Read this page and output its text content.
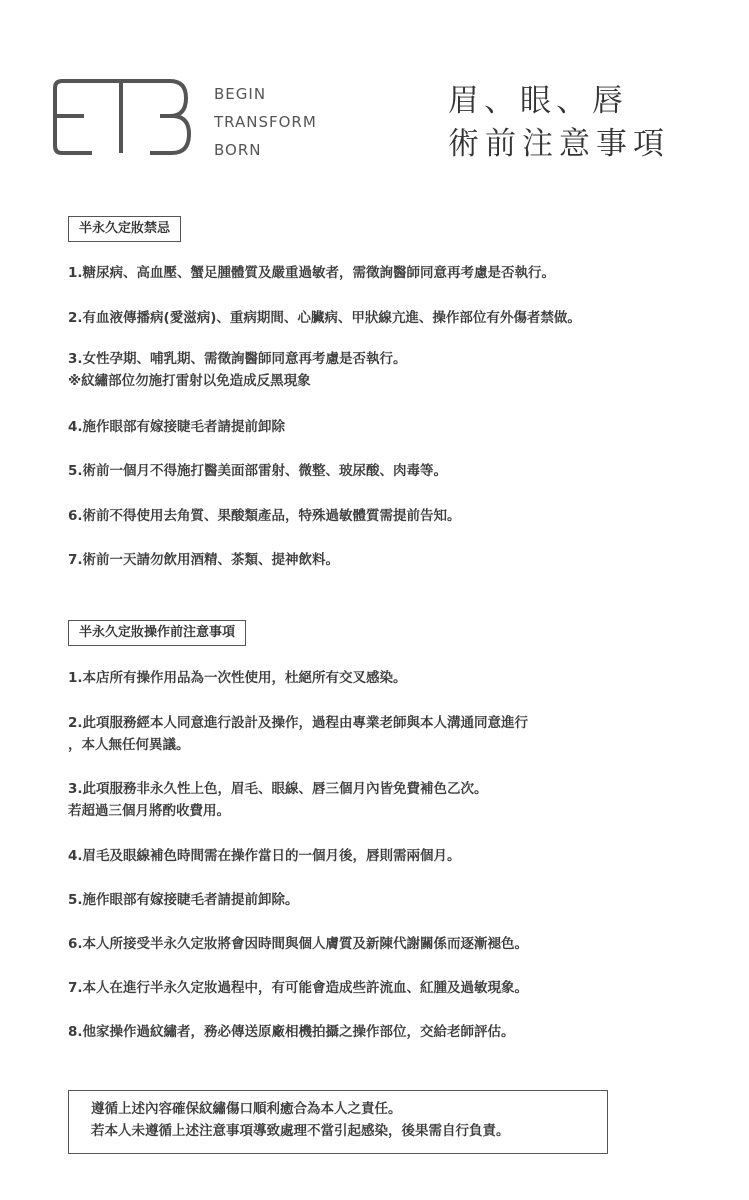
BEGIN
TRANSFORM
BORN
眉、眼、唇
術前注意事項
半永久定妝禁忌
1.糖尿病、高血壓、蟹足腫體質及嚴重過敏者，需徵詢醫師同意再考慮是否執行。
2.有血液傳播病(愛滋病)、重病期間、心臟病、甲狀線亢進、操作部位有外傷者禁做。
3.女性孕期、哺乳期、需徵詢醫師同意再考慮是否執行。
※紋繡部位勿施打雷射以免造成反黑現象
4.施作眼部有嫁接睫毛者請提前卸除
5.術前一個月不得施打醫美面部雷射、微整、玻尿酸、肉毒等。
6.術前不得使用去角質、果酸類產品，特殊過敏體質需提前告知。
7.術前一天請勿飲用酒精、茶類、提神飲料。
半永久定妝操作前注意事項
1.本店所有操作用品為一次性使用，杜絕所有交叉感染。
2.此項服務經本人同意進行設計及操作，過程由專業老師與本人溝通同意進行
，本人無任何異議。
3.此項服務非永久性上色，眉毛、眼線、唇三個月內皆免費補色乙次。
若超過三個月將酌收費用。
4.眉毛及眼線補色時間需在操作當日的一個月後，唇則需兩個月。
5.施作眼部有嫁接睫毛者請提前卸除。
6.本人所接受半永久定妝將會因時間與個人膚質及新陳代謝關係而逐漸褪色。
7.本人在進行半永久定妝過程中，有可能會造成些許流血、紅腫及過敏現象。
8.他家操作過紋繡者，務必傳送原廠相機拍攝之操作部位，交給老師評估。
遵循上述內容確保紋繡傷口順利癒合為本人之責任。
若本人未遵循上述注意事項導致處理不當引起感染，後果需自行負責。
